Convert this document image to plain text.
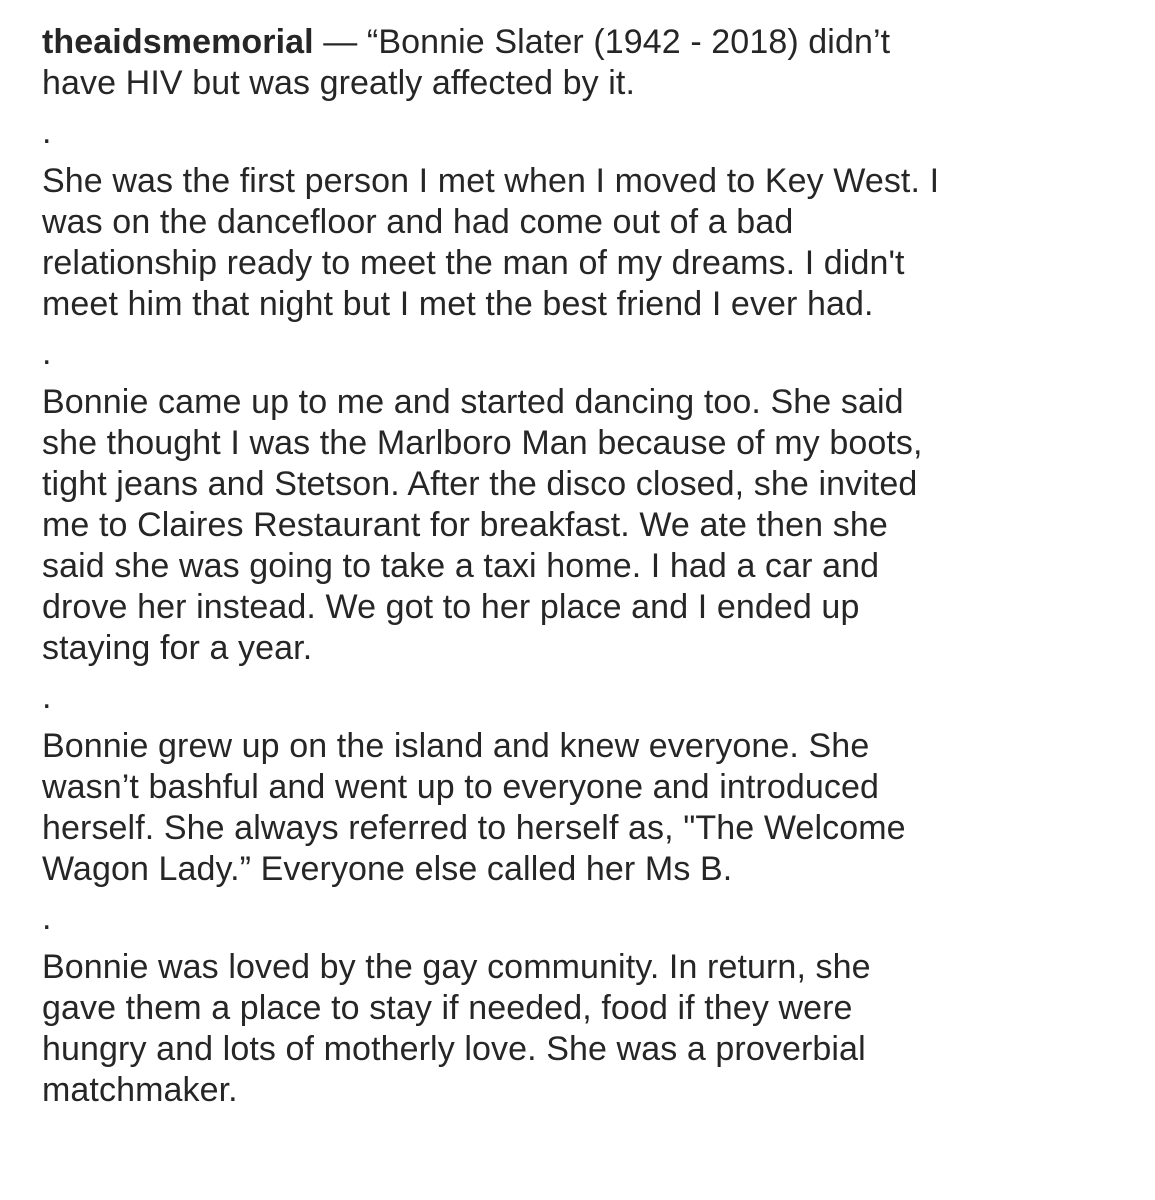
theaidsmemorial — “Bonnie Slater (1942 - 2018) didn’t
have HIV but was greatly affected by it.
.
She was the first person I met when I moved to Key West. I
was on the dancefloor and had come out of a bad
relationship ready to meet the man of my dreams. I didn't
meet him that night but I met the best friend I ever had.
.
Bonnie came up to me and started dancing too. She said
she thought I was the Marlboro Man because of my boots,
tight jeans and Stetson. After the disco closed, she invited
me to Claires Restaurant for breakfast. We ate then she
said she was going to take a taxi home. I had a car and
drove her instead. We got to her place and I ended up
staying for a year.
.
Bonnie grew up on the island and knew everyone. She
wasn’t bashful and went up to everyone and introduced
herself. She always referred to herself as, "The Welcome
Wagon Lady.” Everyone else called her Ms B.
.
Bonnie was loved by the gay community. In return, she
gave them a place to stay if needed, food if they were
hungry and lots of motherly love. She was a proverbial
matchmaker.
